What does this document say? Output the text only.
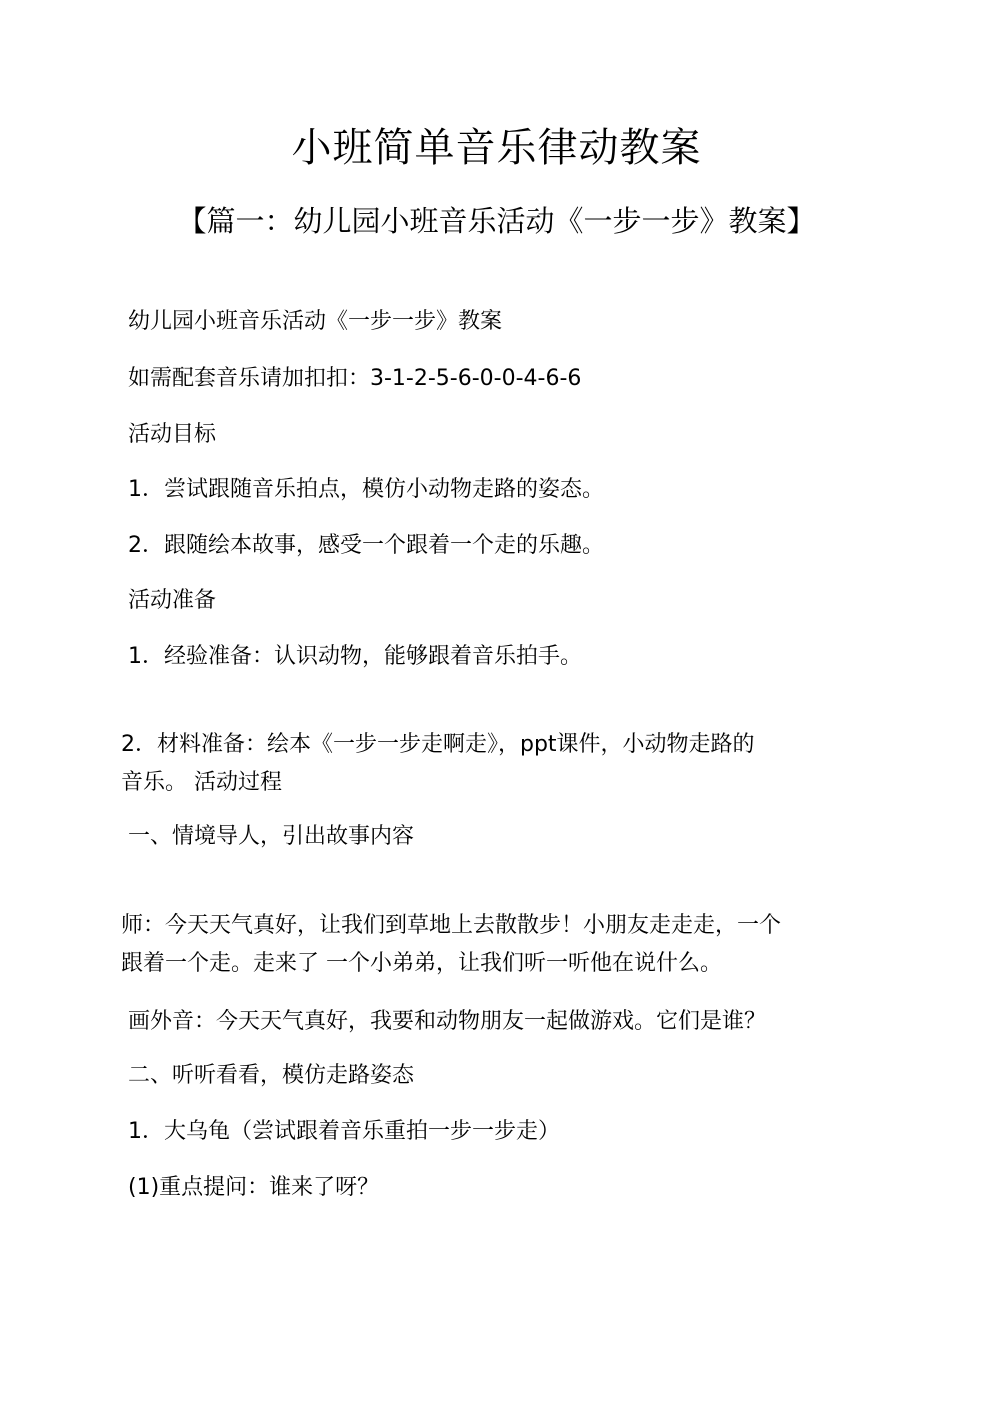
小班简单音乐律动教案
【篇一：幼儿园小班音乐活动《一步一步》教案】
幼儿园小班音乐活动《一步一步》教案
如需配套音乐请加扣扣：3-1-2-5-6-0-0-4-6-6
活动目标
1．尝试跟随音乐拍点，模仿小动物走路的姿态。
2．跟随绘本故事，感受一个跟着一个走的乐趣。
活动准备
1．经验准备：认识动物，能够跟着音乐拍手。
2．材料准备：绘本《一步一步走啊走》，ppt课件，小动物走路的
音乐。 活动过程
一、情境导人，引出故事内容
师：今天天气真好，让我们到草地上去散散步！小朋友走走走，一个
跟着一个走。走来了 一个小弟弟，让我们听一听他在说什么。
画外音：今天天气真好，我要和动物朋友一起做游戏。它们是谁？
二、听听看看，模仿走路姿态
1．大乌龟（尝试跟着音乐重拍一步一步走）
(1)重点提问：谁来了呀？
